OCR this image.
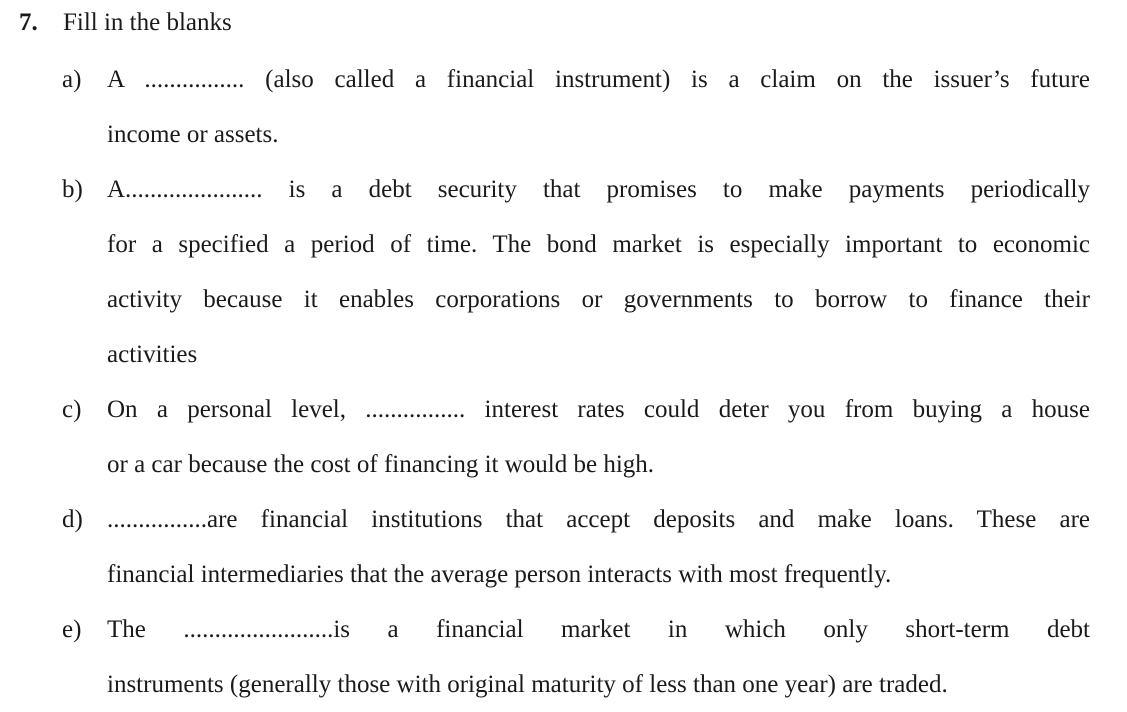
7. Fill in the blanks
a) A ................ (also called a financial instrument) is a claim on the issuer’s future
income or assets.
b) A...................... is a debt security that promises to make payments periodically
for a specified a period of time. The bond market is especially important to economic
activity because it enables corporations or governments to borrow to finance their
activities
c) On a personal level, ................ interest rates could deter you from buying a house
or a car because the cost of financing it would be high.
d) ................are financial institutions that accept deposits and make loans. These are
financial intermediaries that the average person interacts with most frequently.
e) The ........................is a financial market in which only short-term debt
instruments (generally those with original maturity of less than one year) are traded.
